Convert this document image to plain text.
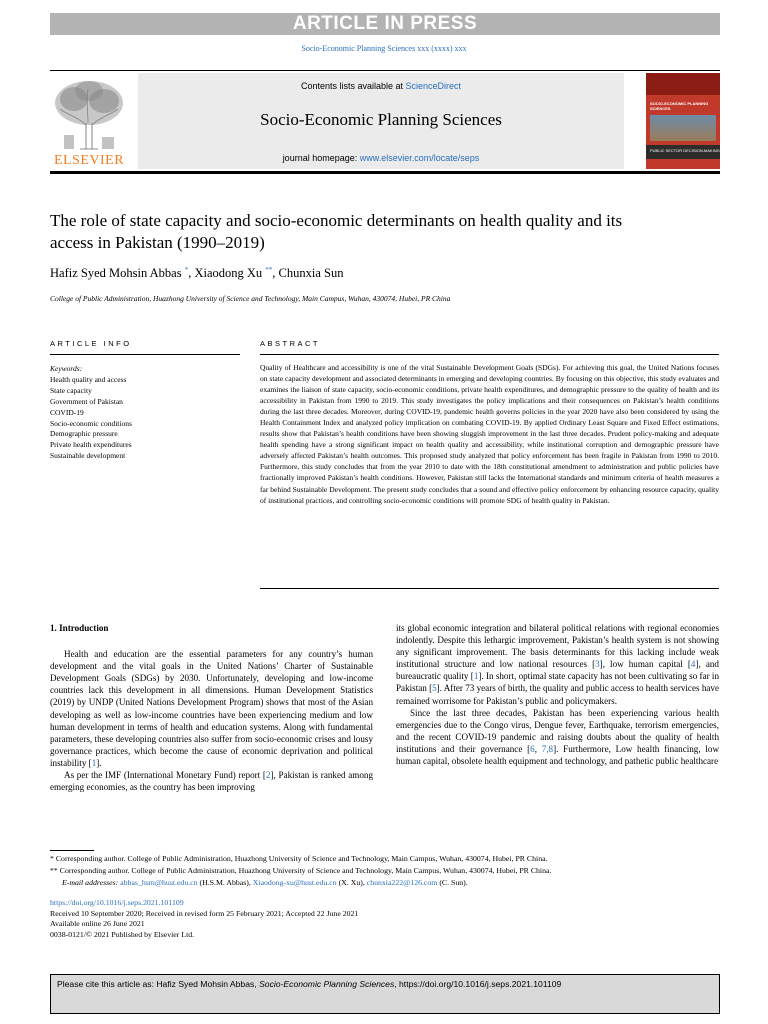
ARTICLE IN PRESS
Socio-Economic Planning Sciences xxx (xxxx) xxx
ELSEVIER
Contents lists available at ScienceDirect
Socio-Economic Planning Sciences
journal homepage: www.elsevier.com/locate/seps
SOCIO-ECONOMIC PLANNING SCIENCES
PUBLIC SECTOR DECISION-MAKING
The role of state capacity and socio-economic determinants on health quality and its access in Pakistan (1990–2019)
Hafiz Syed Mohsin Abbas *, Xiaodong Xu **, Chunxia Sun
College of Public Administration, Huazhong University of Science and Technology, Main Campus, Wuhan, 430074, Hubei, PR China
ARTICLE INFO	ABSTRACT
Keywords:
Health quality and access
State capacity
Government of Pakistan
COVID-19
Socio-economic conditions
Demographic pressure
Private health expenditures
Sustainable development
Quality of Healthcare and accessibility is one of the vital Sustainable Development Goals (SDGs). For achieving this goal, the United Nations focuses on state capacity development and associated determinants in emerging and developing countries. By focusing on this objective, this study evaluates and examines the liaison of state capacity, socio-economic conditions, private health expenditures, and demographic pressure to the quality of health and its accessibility in Pakistan from 1990 to 2019. This study investigates the policy implications and their consequences on Pakistan’s health conditions during the last three decades. Moreover, during COVID-19, pandemic health governs policies in the year 2020 have also been considered by using the Health Containment Index and analyzed policy implication on combating COVID-19. By applied Ordinary Least Square and Fixed Effect estimations, results show that Pakistan’s health conditions have been showing sluggish improvement in the last three decades. Prudent policy-making and adequate health spending have a strong significant impact on health quality and accessibility, while institutional corruption and demographic pressure have adversely affected Pakistan’s health outcomes. This proposed study analyzed that policy enforcement has been fragile in Pakistan from 1990 to 2010. Furthermore, this study concludes that from the year 2010 to date with the 18th constitutional amendment to administration and public policies have fractionally improved Pakistan’s health conditions. However, Pakistan still lacks the International standards and minimum criteria of health measures a far behind Sustainable Development. The present study concludes that a sound and effective policy enforcement by enhancing resource capacity, quality of institutional practices, and controlling socio-economic conditions will promote SDG of health quality in Pakistan.
1. Introduction

Health and education are the essential parameters for any country’s human development and the vital goals in the United Nations’ Charter of Sustainable Development Goals (SDGs) by 2030. Unfortunately, developing and low-income countries lack this development in all dimensions. Human Development Statistics (2019) by UNDP (United Nations Development Program) shows that most of the Asian developing as well as low-income countries have been experiencing medium and low human development in terms of health and education systems. Along with fundamental parameters, these developing countries also suffer from socio-economic crises and lousy governance practices, which become the cause of economic deprivation and political instability [1].

As per the IMF (International Monetary Fund) report [2], Pakistan is ranked among emerging economies, as the country has been improving

its global economic integration and bilateral political relations with regional economies indolently. Despite this lethargic improvement, Pakistan’s health system is not showing any significant improvement. The basis determinants for this lacking include weak institutional structure and low national resources [3], low human capital [4], and bureaucratic quality [1]. In short, optimal state capacity has not been cultivating so far in Pakistan [5]. After 73 years of birth, the quality and public access to health services have remained worrisome for Pakistan’s public and policymakers.

Since the last three decades, Pakistan has been experiencing various health emergencies due to the Congo virus, Dengue fever, Earthquake, terrorism emergencies, and the recent COVID-19 pandemic and raising doubts about the quality of health institutions and their governance [6, 7,8]. Furthermore, Low health financing, low human capital, obsolete health equipment and technology, and pathetic public healthcare

* Corresponding author. College of Public Administration, Huazhong University of Science and Technology, Main Campus, Wuhan, 430074, Hubei, PR China.
** Corresponding author. College of Public Administration, Huazhong University of Science and Technology, Main Campus, Wuhan, 430074, Hubei, PR China.
E-mail addresses: abbas_hsm@hust.edu.cn (H.S.M. Abbas), Xiaodong-xu@hust.edu.cn (X. Xu), chunxia222@126.com (C. Sun).
https://doi.org/10.1016/j.seps.2021.101109
Received 10 September 2020; Received in revised form 25 February 2021; Accepted 22 June 2021
Available online 26 June 2021
0038-0121/© 2021 Published by Elsevier Ltd.
Please cite this article as: Hafiz Syed Mohsin Abbas, Socio-Economic Planning Sciences, https://doi.org/10.1016/j.seps.2021.101109
